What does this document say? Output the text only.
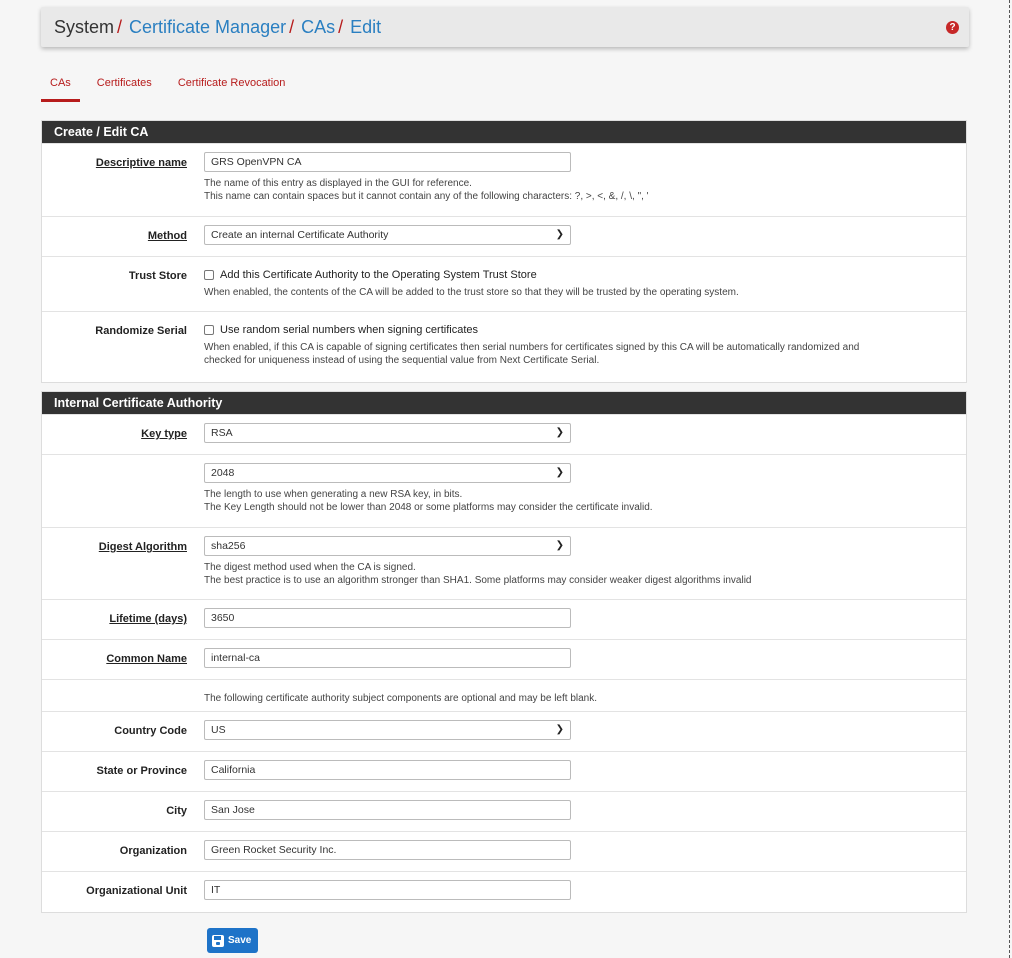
System / Certificate Manager / CAs / Edit	?
CAs	Certificates	Certificate Revocation
Create / Edit CA
Descriptive name	GRS OpenVPN CA
The name of this entry as displayed in the GUI for reference.
This name can contain spaces but it cannot contain any of the following characters: ?, >, <, &, /, \, ", '
Method	Create an internal Certificate Authority	❯
Trust Store	Add this Certificate Authority to the Operating System Trust Store
When enabled, the contents of the CA will be added to the trust store so that they will be trusted by the operating system.
Randomize Serial	Use random serial numbers when signing certificates
When enabled, if this CA is capable of signing certificates then serial numbers for certificates signed by this CA will be automatically randomized and
checked for uniqueness instead of using the sequential value from Next Certificate Serial.
Internal Certificate Authority
Key type	RSA	❯
2048	❯
The length to use when generating a new RSA key, in bits.
The Key Length should not be lower than 2048 or some platforms may consider the certificate invalid.
Digest Algorithm	sha256	❯
The digest method used when the CA is signed.
The best practice is to use an algorithm stronger than SHA1. Some platforms may consider weaker digest algorithms invalid
Lifetime (days)	3650
Common Name	internal-ca
The following certificate authority subject components are optional and may be left blank.
Country Code	US	❯
State or Province	California
City	San Jose
Organization	Green Rocket Security Inc.
Organizational Unit	IT
Save
